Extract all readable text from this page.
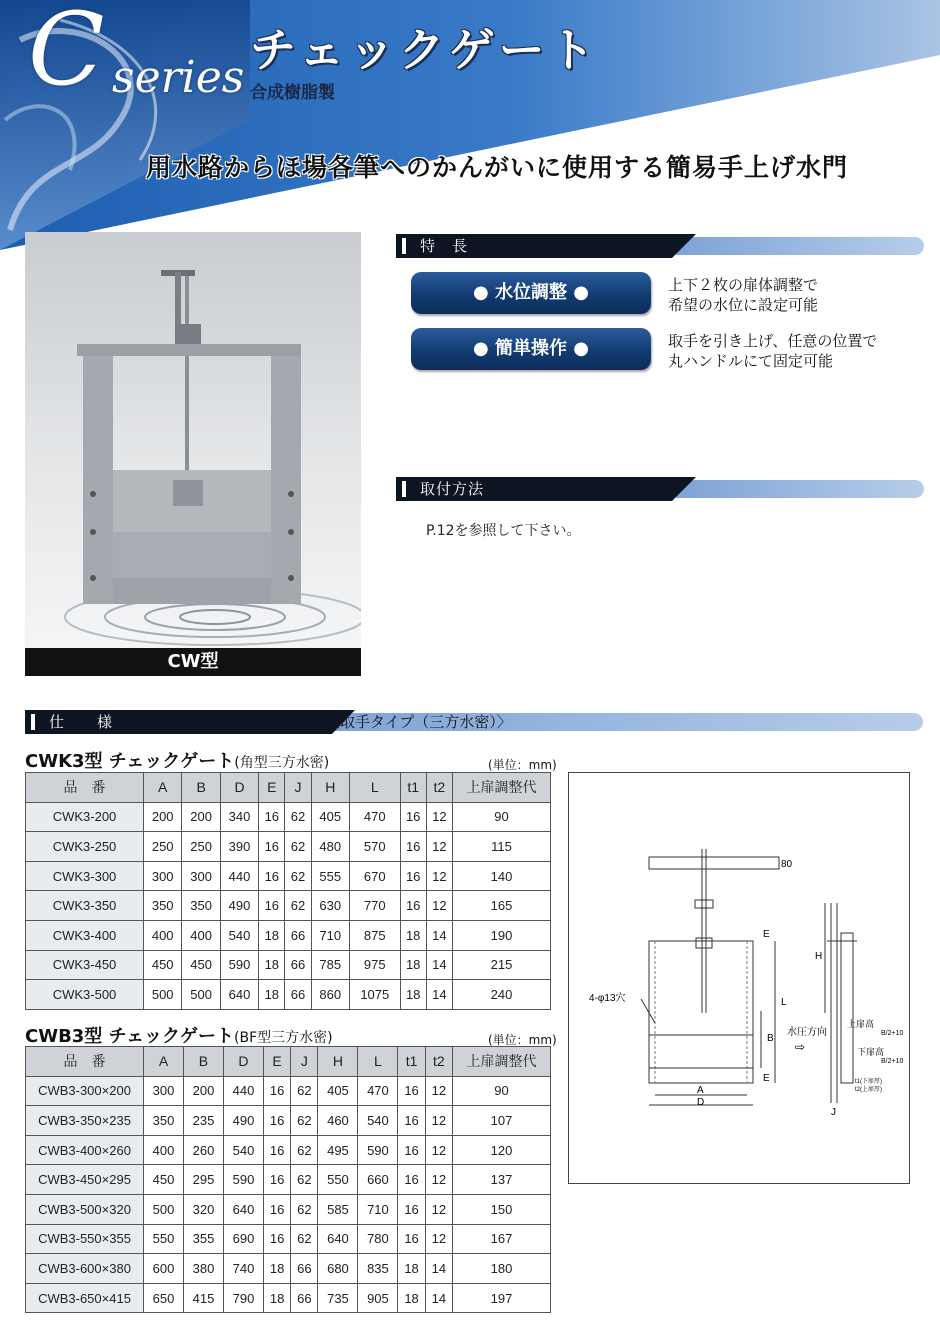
C series
チェックゲート
合成樹脂製
用水路からほ場各筆へのかんがいに使用する簡易手上げ水門
CW型
特　長
● 水位調整 ●	上下２枚の扉体調整で
希望の水位に設定可能
● 簡単操作 ●	取手を引き上げ、任意の位置で
丸ハンドルにて固定可能
取付方法
P.12を参照して下さい。
仕　　様	〈取手タイプ（三方水密）〉
CWK3型 チェックゲート(角型三方水密)	(単位：mm)
品　番	A	B	D	E	J	H	L	t1	t2	上扉調整代
CWK3-200	200	200	340	16	62	405	470	16	12	90
CWK3-250	250	250	390	16	62	480	570	16	12	115
CWK3-300	300	300	440	16	62	555	670	16	12	140
CWK3-350	350	350	490	16	62	630	770	16	12	165
CWK3-400	400	400	540	18	66	710	875	18	14	190
CWK3-450	450	450	590	18	66	785	975	18	14	215
CWK3-500	500	500	640	18	66	860	1075	18	14	240
CWB3型 チェックゲート(BF型三方水密)	(単位：mm)
品　番	A	B	D	E	J	H	L	t1	t2	上扉調整代
CWB3-300×200	300	200	440	16	62	405	470	16	12	90
CWB3-350×235	350	235	490	16	62	460	540	16	12	107
CWB3-400×260	400	260	540	16	62	495	590	16	12	120
CWB3-450×295	450	295	590	16	62	550	660	16	12	137
CWB3-500×320	500	320	640	16	62	585	710	16	12	150
CWB3-550×355	550	355	690	16	62	640	780	16	12	167
CWB3-600×380	600	380	740	18	66	680	835	18	14	180
CWB3-650×415	650	415	790	18	66	735	905	18	14	197
80
E
L
B
E
4-φ13穴
A
D
H
水圧方向
⇨
上扉高
B/2+10
下扉高
B/2+10
t1(下扉厚)
t2(上扉厚)
J
